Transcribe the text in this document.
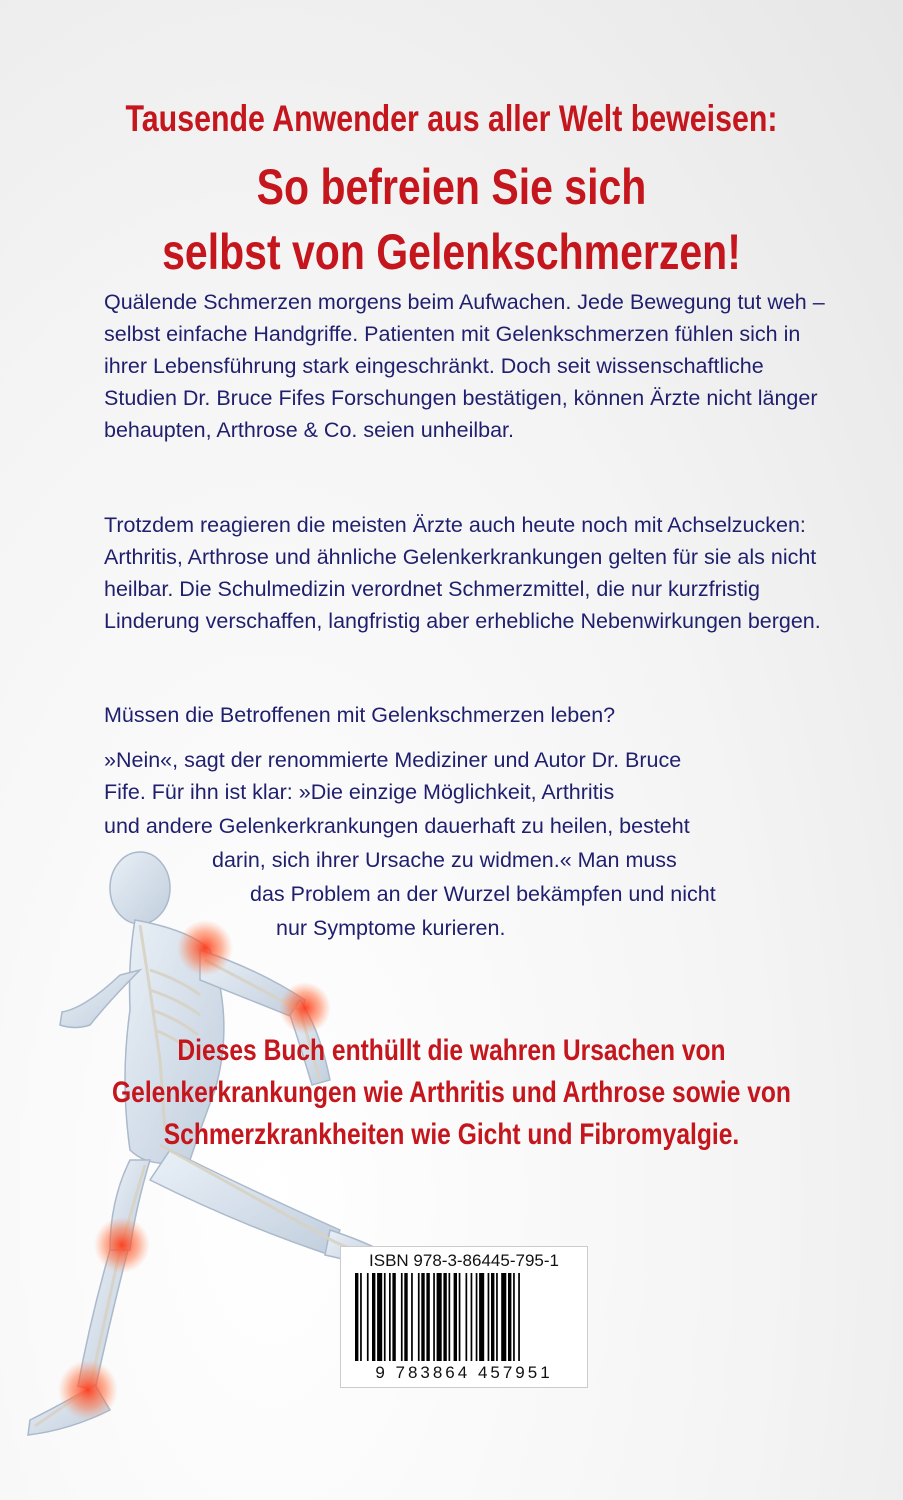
Tausende Anwender aus aller Welt beweisen:
So befreien Sie sich
selbst von Gelenkschmerzen!

Quälende Schmerzen morgens beim Aufwachen. Jede Bewegung tut weh – selbst einfache Handgriffe. Patienten mit Gelenkschmerzen fühlen sich in ihrer Lebensführung stark eingeschränkt. Doch seit wissenschaftliche Studien Dr. Bruce Fifes Forschungen bestätigen, können Ärzte nicht länger behaupten, Arthrose & Co. seien unheilbar.

Trotzdem reagieren die meisten Ärzte auch heute noch mit Achselzucken: Arthritis, Arthrose und ähnliche Gelenkerkrankungen gelten für sie als nicht heilbar. Die Schulmedizin verordnet Schmerzmittel, die nur kurzfristig Linderung verschaffen, langfristig aber erhebliche Nebenwirkungen bergen.

Müssen die Betroffenen mit Gelenkschmerzen leben?

»Nein«, sagt der renommierte Mediziner und Autor Dr. Bruce
Fife. Für ihn ist klar: »Die einzige Möglichkeit, Arthritis
und andere Gelenkerkrankungen dauerhaft zu heilen, besteht
darin, sich ihrer Ursache zu widmen.« Man muss
das Problem an der Wurzel bekämpfen und nicht
nur Symptome kurieren.

Dieses Buch enthüllt die wahren Ursachen von

Gelenkerkrankungen wie Arthritis und Arthrose sowie von

Schmerzkrankheiten wie Gicht und Fibromyalgie.

ISBN 978-3-86445-795-1
9 783864 457951
